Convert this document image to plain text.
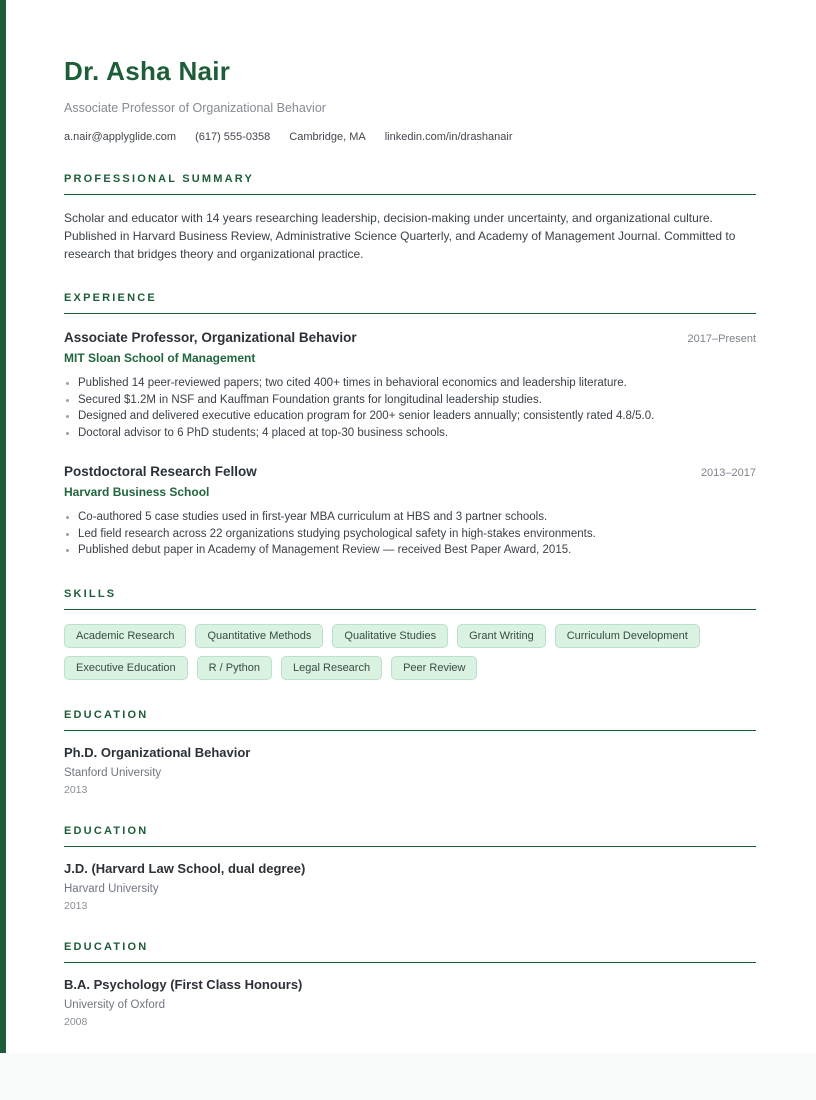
Dr. Asha Nair
Associate Professor of Organizational Behavior
a.nair@applyglide.com (617) 555-0358 Cambridge, MA linkedin.com/in/drashanair
PROFESSIONAL SUMMARY
Scholar and educator with 14 years researching leadership, decision-making under uncertainty, and organizational culture. Published in Harvard Business Review, Administrative Science Quarterly, and Academy of Management Journal. Committed to research that bridges theory and organizational practice.
EXPERIENCE
Associate Professor, Organizational Behavior	2017–Present
MIT Sloan School of Management
Published 14 peer-reviewed papers; two cited 400+ times in behavioral economics and leadership literature.
Secured $1.2M in NSF and Kauffman Foundation grants for longitudinal leadership studies.
Designed and delivered executive education program for 200+ senior leaders annually; consistently rated 4.8/5.0.
Doctoral advisor to 6 PhD students; 4 placed at top-30 business schools.
Postdoctoral Research Fellow	2013–2017
Harvard Business School
Co-authored 5 case studies used in first-year MBA curriculum at HBS and 3 partner schools.
Led field research across 22 organizations studying psychological safety in high-stakes environments.
Published debut paper in Academy of Management Review — received Best Paper Award, 2015.
SKILLS
Academic Research	Quantitative Methods	Qualitative Studies	Grant Writing	Curriculum Development
Executive Education	R / Python	Legal Research	Peer Review
EDUCATION
Ph.D. Organizational Behavior
Stanford University
2013
EDUCATION
J.D. (Harvard Law School, dual degree)
Harvard University
2013
EDUCATION
B.A. Psychology (First Class Honours)
University of Oxford
2008
